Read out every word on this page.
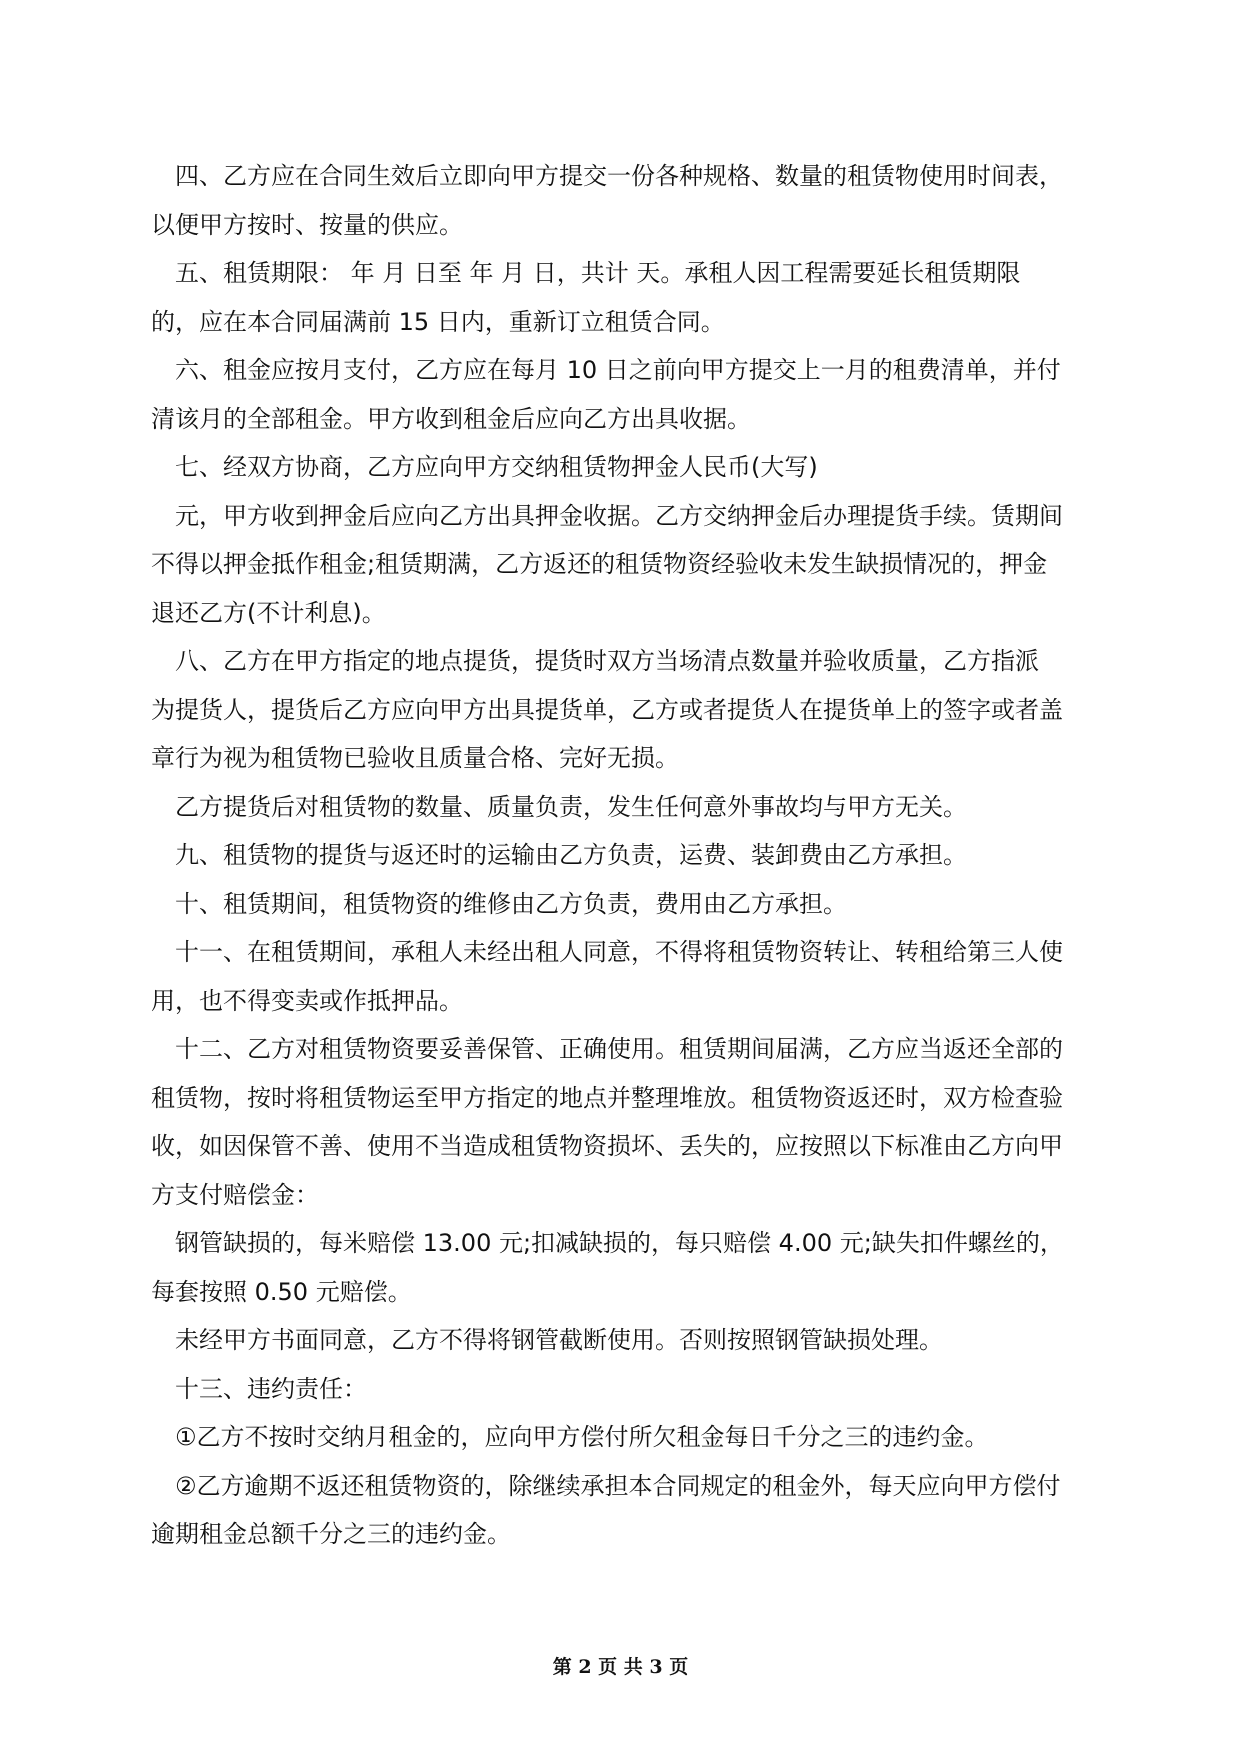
四、乙方应在合同生效后立即向甲方提交一份各种规格、数量的租赁物使用时间表，
以便甲方按时、按量的供应。
五、租赁期限： 年 月 日至 年 月 日，共计 天。承租人因工程需要延长租赁期限
的，应在本合同届满前 15 日内，重新订立租赁合同。
六、租金应按月支付，乙方应在每月 10 日之前向甲方提交上一月的租费清单，并付
清该月的全部租金。甲方收到租金后应向乙方出具收据。
七、经双方协商，乙方应向甲方交纳租赁物押金人民币(大写)
元，甲方收到押金后应向乙方出具押金收据。乙方交纳押金后办理提货手续。赁期间
不得以押金抵作租金;租赁期满，乙方返还的租赁物资经验收未发生缺损情况的，押金
退还乙方(不计利息)。
八、乙方在甲方指定的地点提货，提货时双方当场清点数量并验收质量，乙方指派
为提货人，提货后乙方应向甲方出具提货单，乙方或者提货人在提货单上的签字或者盖
章行为视为租赁物已验收且质量合格、完好无损。
乙方提货后对租赁物的数量、质量负责，发生任何意外事故均与甲方无关。
九、租赁物的提货与返还时的运输由乙方负责，运费、装卸费由乙方承担。
十、租赁期间，租赁物资的维修由乙方负责，费用由乙方承担。
十一、在租赁期间，承租人未经出租人同意，不得将租赁物资转让、转租给第三人使
用，也不得变卖或作抵押品。
十二、乙方对租赁物资要妥善保管、正确使用。租赁期间届满，乙方应当返还全部的
租赁物，按时将租赁物运至甲方指定的地点并整理堆放。租赁物资返还时，双方检查验
收，如因保管不善、使用不当造成租赁物资损坏、丢失的，应按照以下标准由乙方向甲
方支付赔偿金：
钢管缺损的，每米赔偿 13.00 元;扣减缺损的，每只赔偿 4.00 元;缺失扣件螺丝的，
每套按照 0.50 元赔偿。
未经甲方书面同意，乙方不得将钢管截断使用。否则按照钢管缺损处理。
十三、违约责任：
①乙方不按时交纳月租金的，应向甲方偿付所欠租金每日千分之三的违约金。
②乙方逾期不返还租赁物资的，除继续承担本合同规定的租金外，每天应向甲方偿付
逾期租金总额千分之三的违约金。
第 2 页 共 3 页
